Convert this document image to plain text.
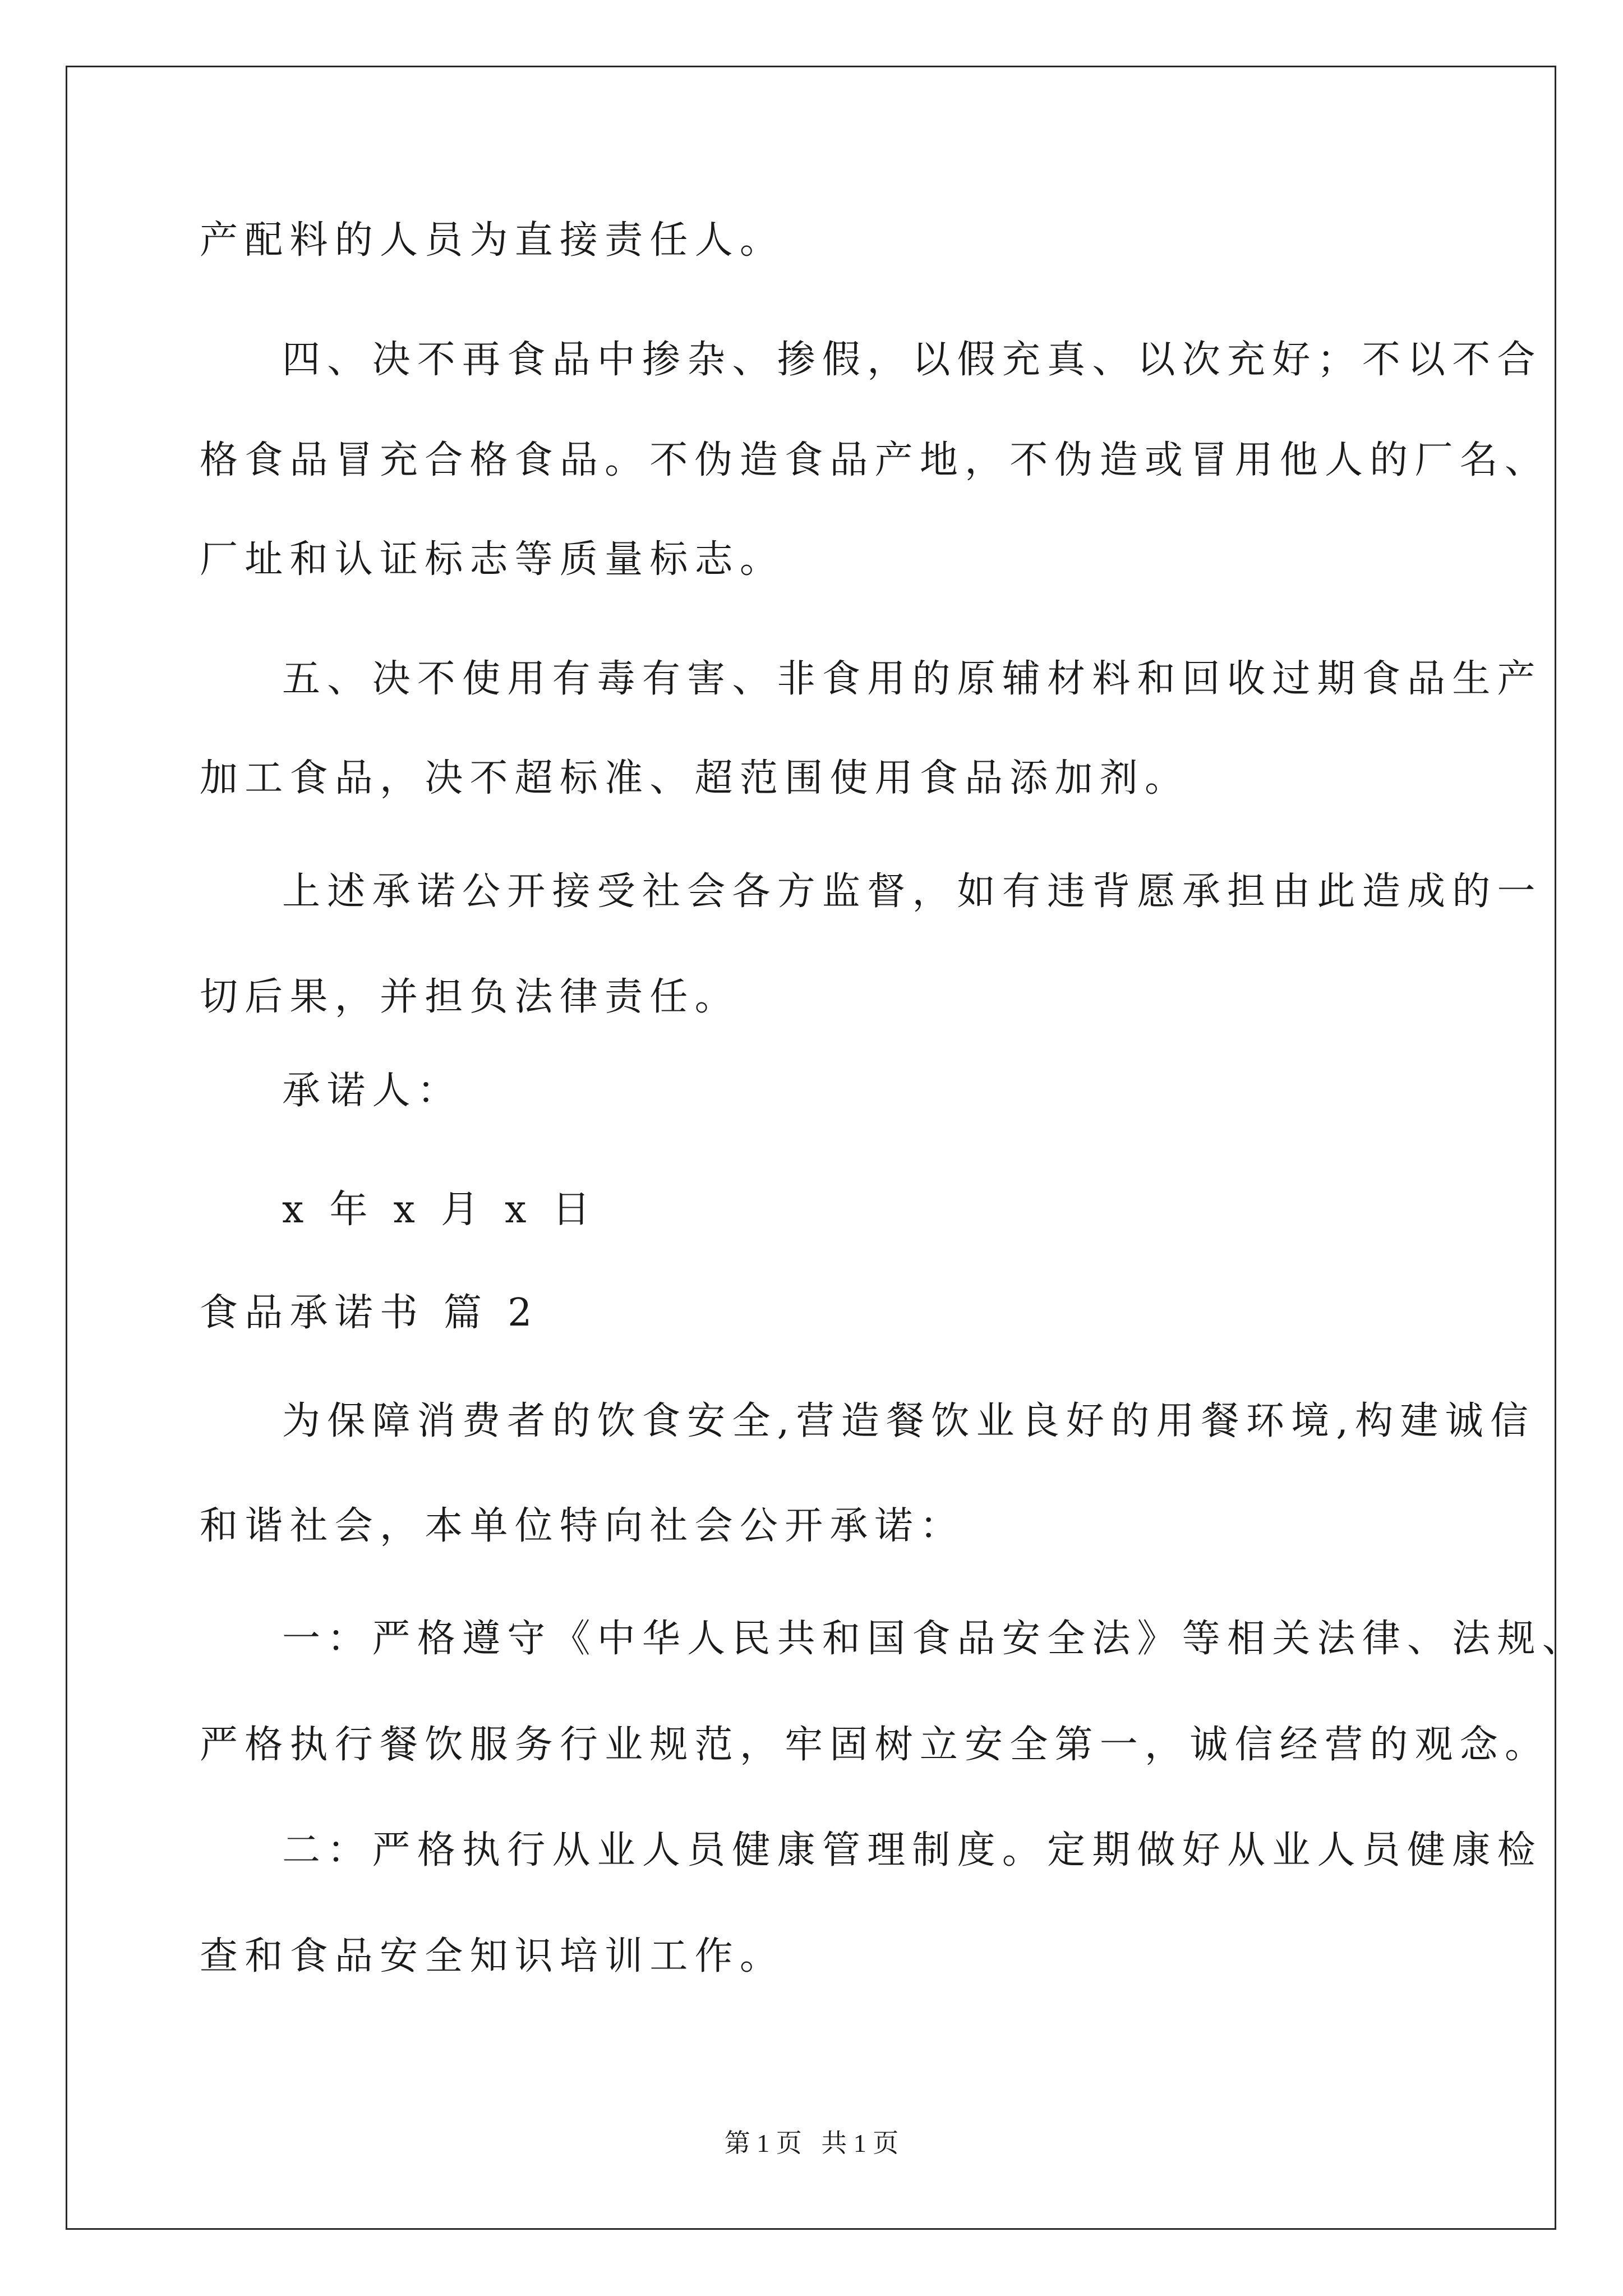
产配料的人员为直接责任人。
四、决不再食品中掺杂、掺假，以假充真、以次充好；不以不合
格食品冒充合格食品。不伪造食品产地，不伪造或冒用他人的厂名、
厂址和认证标志等质量标志。
五、决不使用有毒有害、非食用的原辅材料和回收过期食品生产
加工食品，决不超标准、超范围使用食品添加剂。
上述承诺公开接受社会各方监督，如有违背愿承担由此造成的一
切后果，并担负法律责任。
承诺人：
x 年 x 月 x 日
食品承诺书 篇 2
为保障消费者的饮食安全,营造餐饮业良好的用餐环境,构建诚信
和谐社会，本单位特向社会公开承诺：
一：严格遵守《中华人民共和国食品安全法》等相关法律、法规、
严格执行餐饮服务行业规范，牢固树立安全第一，诚信经营的观念。
二：严格执行从业人员健康管理制度。定期做好从业人员健康检
查和食品安全知识培训工作。
第 1 页   共 1 页
